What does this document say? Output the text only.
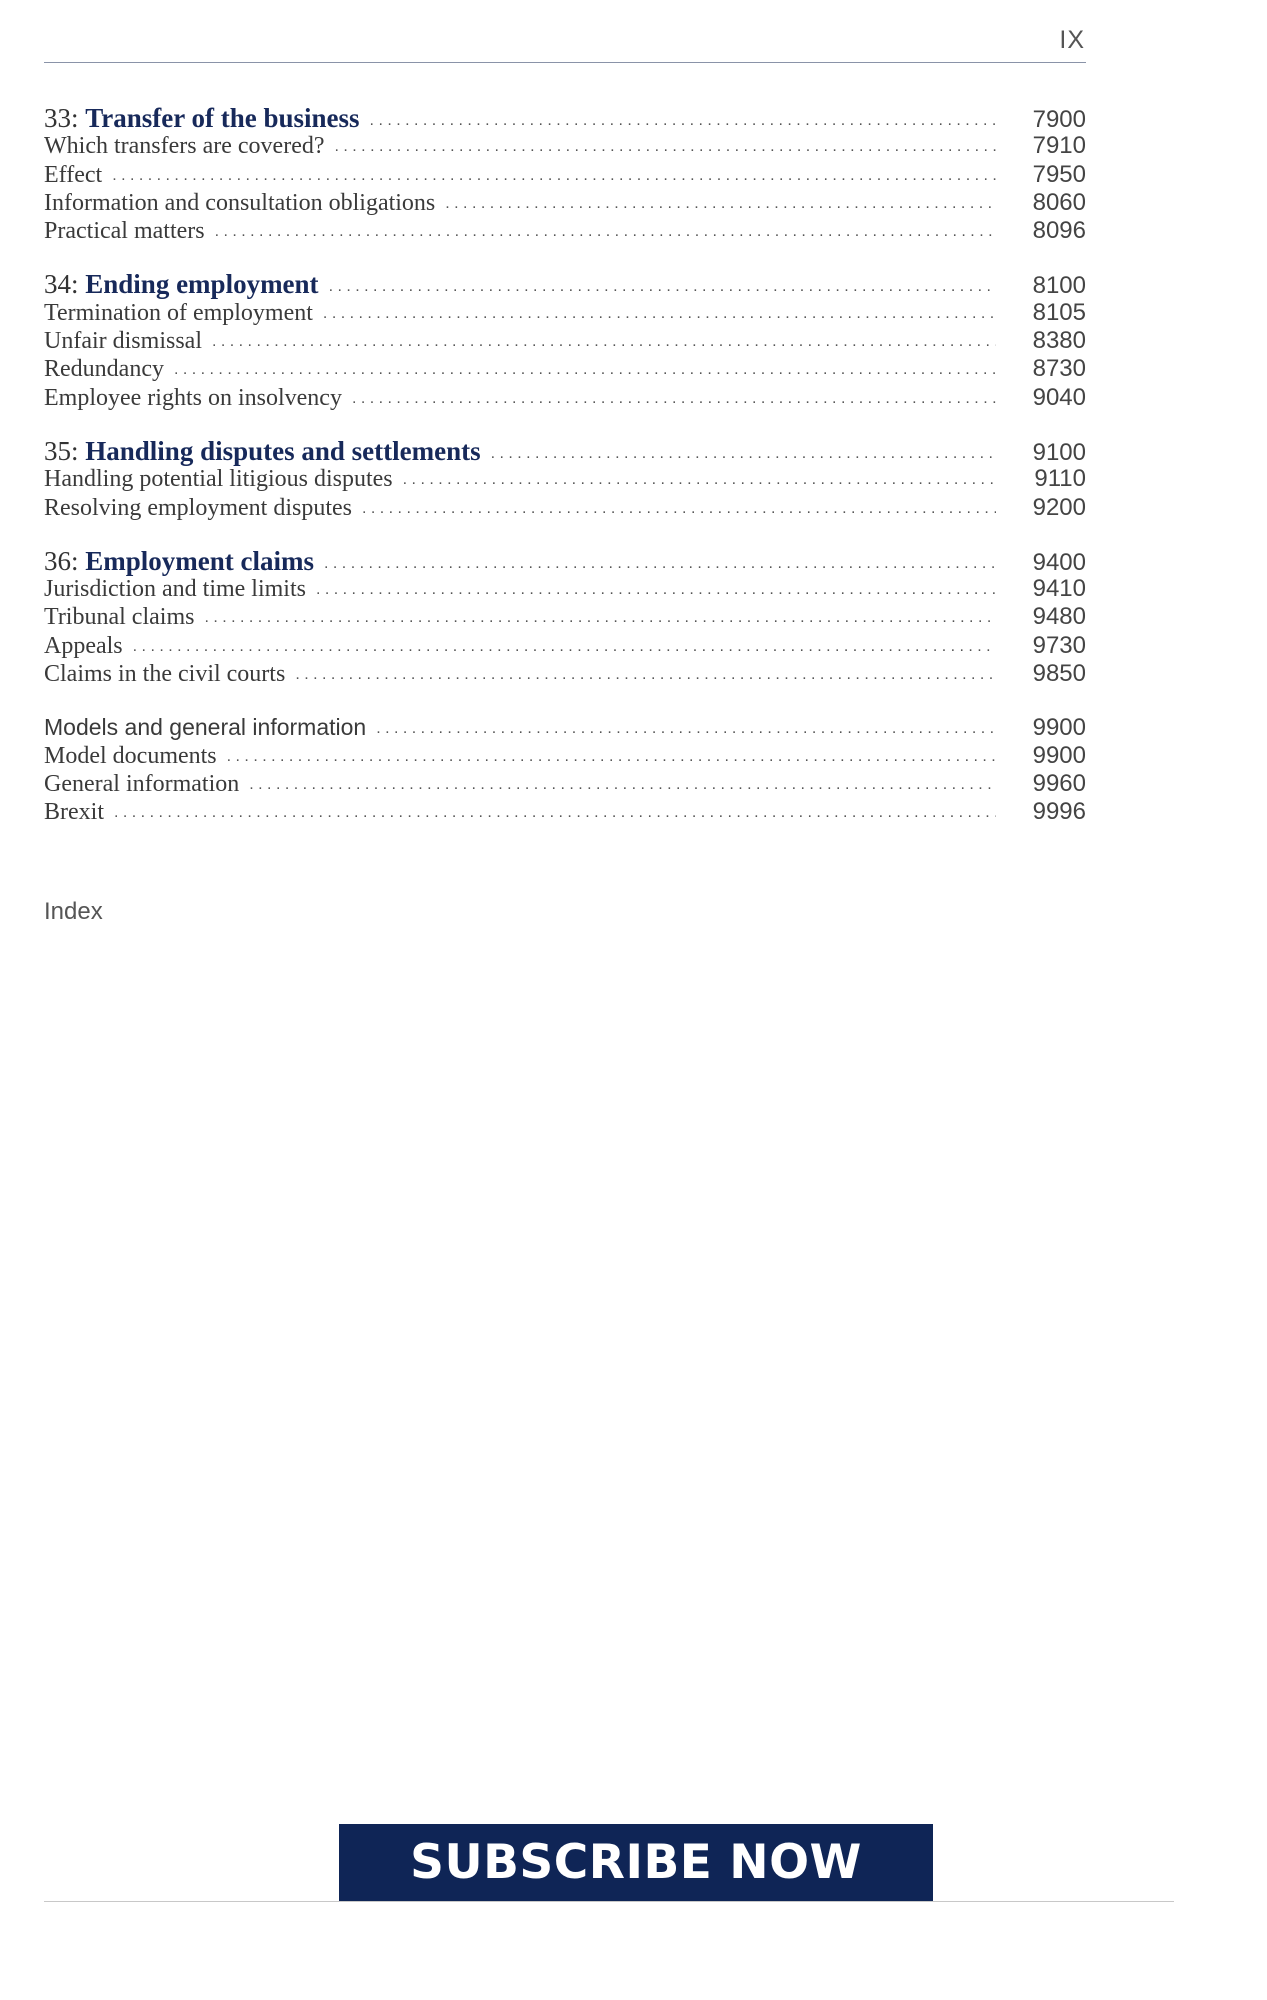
IX
33: Transfer of the business . . .	7900
Which transfers are covered? . . .	7910
Effect . . .	7950
Information and consultation obligations . . .	8060
Practical matters . . .	8096
34: Ending employment . . .	8100
Termination of employment . . .	8105
Unfair dismissal . . .	8380
Redundancy . . .	8730
Employee rights on insolvency . . .	9040
35: Handling disputes and settlements . . .	9100
Handling potential litigious disputes . . .	9110
Resolving employment disputes . . .	9200
36: Employment claims . . .	9400
Jurisdiction and time limits . . .	9410
Tribunal claims . . .	9480
Appeals . . .	9730
Claims in the civil courts . . .	9850
Models and general information . . .	9900
Model documents . . .	9900
General information . . .	9960
Brexit . . .	9996
Index
SUBSCRIBE NOW
